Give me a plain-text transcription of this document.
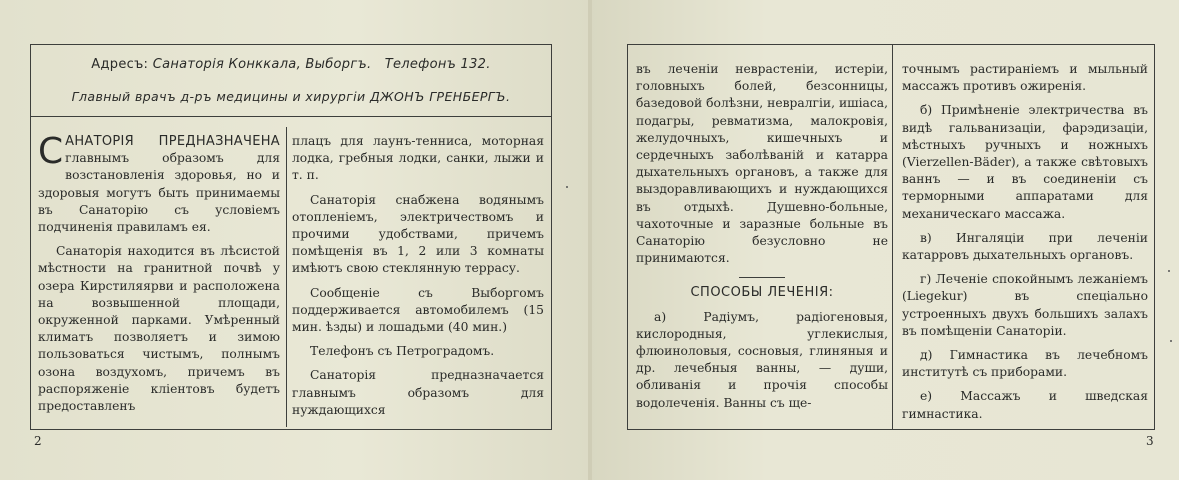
Адресъ: Санаторія Конккала, Выборгъ. Телефонъ 132.
Главный врачъ д-ръ медицины и хирургіи ДЖОНЪ ГРЕНБЕРГЪ.

САНАТОРІЯ ПРЕДНАЗНАЧЕНА главнымъ образомъ для возстановленія здоровья, но и здоровыя могутъ быть принимаемы въ Санаторію съ условіемъ подчиненія правиламъ ея.

Санаторія находится въ лѣсистой мѣстности на гранитной почвѣ у озера Кирстиляярви и расположена на возвышенной площади, окруженной парками. Умѣренный климатъ позволяетъ и зимою пользоваться чистымъ, полнымъ озона воздухомъ, причемъ въ распоряженіе кліентовъ будетъ предоставленъ

плацъ для лаунъ-тенниса, моторная лодка, гребныя лодки, санки, лыжи и т. п.

Санаторія снабжена водянымъ отопленіемъ, электричествомъ и прочими удобствами, причемъ помѣщенія въ 1, 2 или 3 комнаты имѣютъ свою стеклянную террасу.

Сообщеніе съ Выборгомъ поддерживается автомобилемъ (15 мин. ѣзды) и лошадьми (40 мин.)

Телефонъ съ Петроградомъ.

Санаторія предназначается главнымъ образомъ для нуждающихся

2

въ леченіи неврастеніи, истеріи, головныхъ болей, безсонницы, базедовой болѣзни, невралгіи, ишіаса, подагры, ревматизма, малокровія, желудочныхъ, кишечныхъ и сердечныхъ заболѣваній и катарра дыхательныхъ органовъ, а также для выздоравливающихъ и нуждающихся въ отдыхѣ. Душевно-больные, чахоточные и заразные больные въ Санаторію безусловно не принимаются.

СПОСОБЫ ЛЕЧЕНІЯ:

а) Радіумъ, радіогеновыя, кислородныя, углекислыя, флюиноловыя, сосновыя, глиняныя и др. лечебныя ванны, — души, обливанія и прочія способы водолеченія. Ванны съ ще-

точнымъ растираніемъ и мыльный массажъ противъ ожиренія.

б) Примѣненіе электричества въ видѣ гальванизаціи, фарэдизаціи, мѣстныхъ ручныхъ и ножныхъ (Vierzellen-Bäder), а также свѣтовыхъ ваннъ — и въ соединеніи съ терморными аппаратами для механическаго массажа.

в) Ингаляціи при леченіи катарровъ дыхательныхъ органовъ.

г) Леченіе спокойнымъ лежаніемъ (Liegekur) въ спеціально устроенныхъ двухъ большихъ залахъ въ помѣщеніи Санаторіи.

д) Гимнастика въ лечебномъ институтѣ съ приборами.

е) Массажъ и шведская гимнастика.

3
